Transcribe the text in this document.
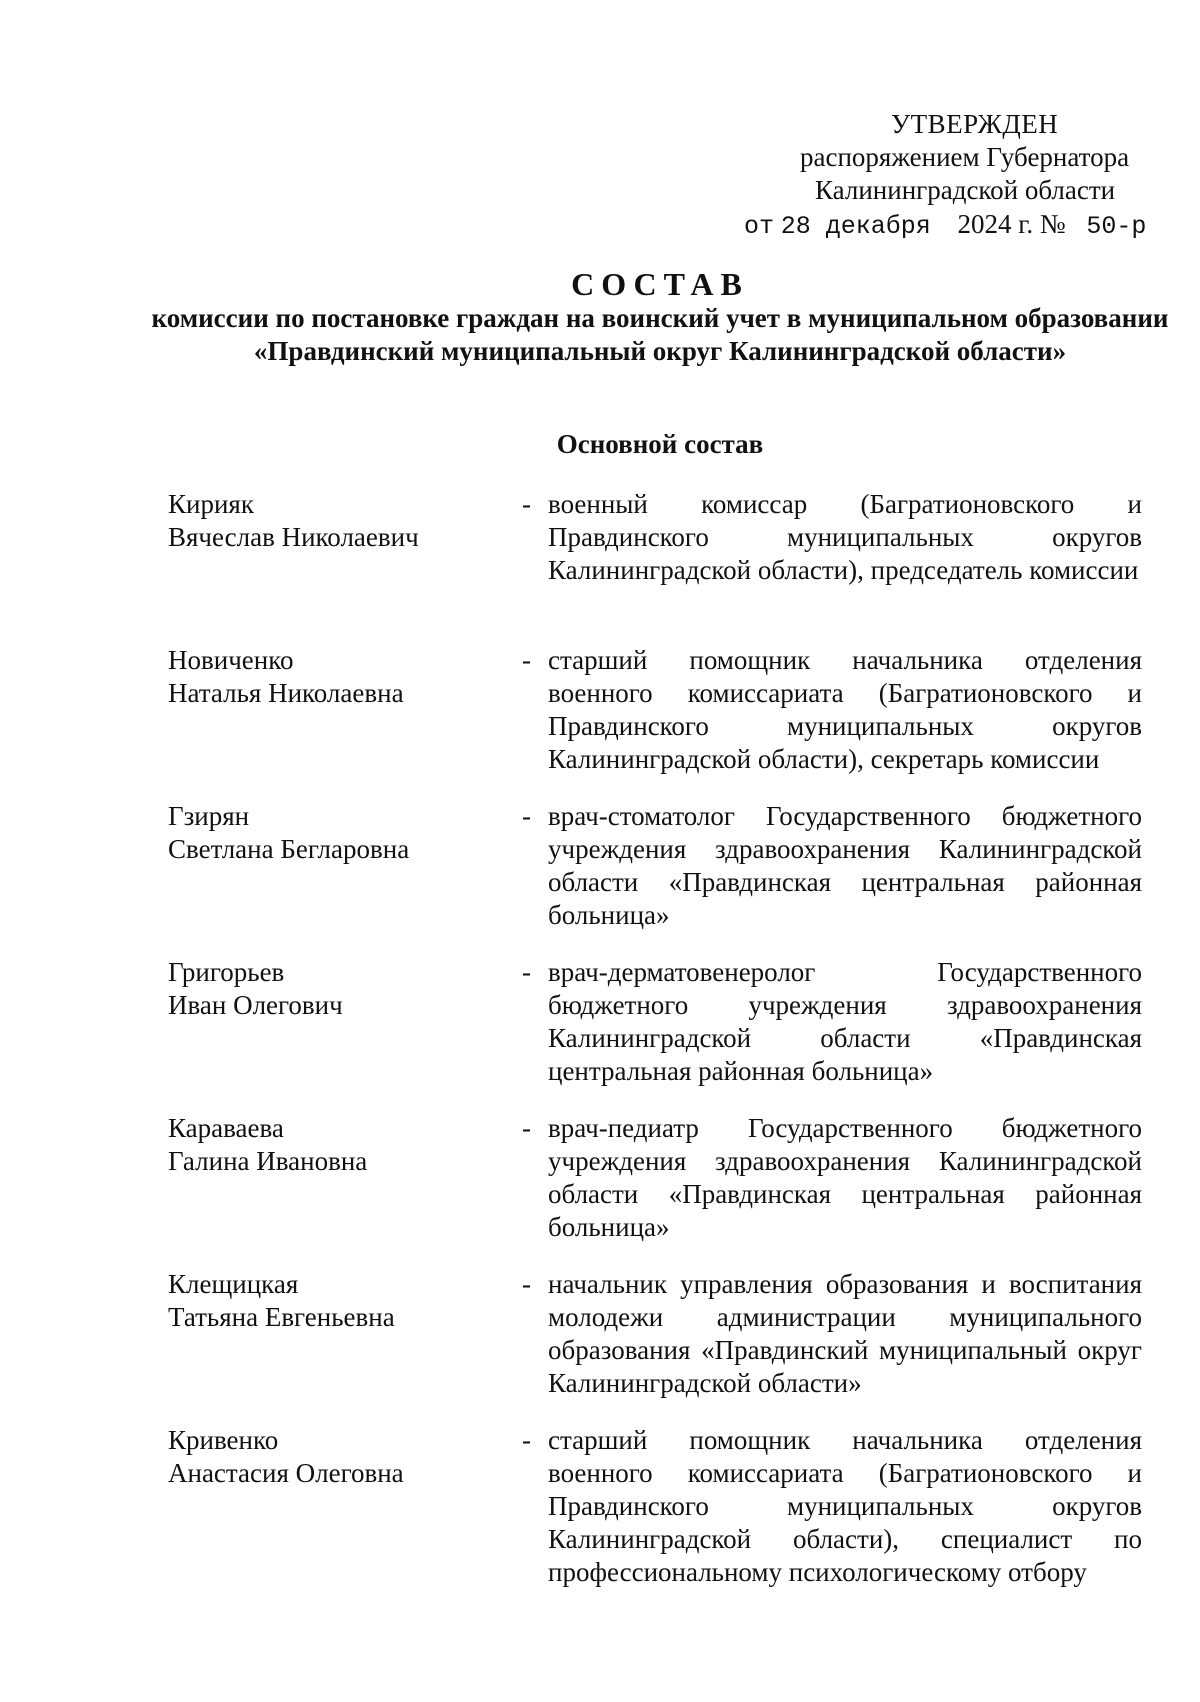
УТВЕРЖДЕН
распоряжением Губернатора
Калининградской области
от 28 декабря 2024 г. № 50-р
СОСТАВ
комиссии по постановке граждан на воинский учет в муниципальном образовании «Правдинский муниципальный округ Калининградской области»
Основной состав
Кирияк
Вячеслав Николаевич
- военный комиссар (Багратионовского и Правдинского муниципальных округов Калининградской области), председатель комиссии
Новиченко
Наталья Николаевна
- старший помощник начальника отделения военного комиссариата (Багратионовского и Правдинского муниципальных округов Калининградской области), секретарь комиссии
Гзирян
Светлана Бегларовна
- врач-стоматолог Государственного бюджетного учреждения здравоохранения Калининградской области «Правдинская центральная районная больница»
Григорьев
Иван Олегович
- врач-дерматовенеролог Государственного бюджетного учреждения здравоохранения Калининградской области «Правдинская центральная районная больница»
Караваева
Галина Ивановна
- врач-педиатр Государственного бюджетного учреждения здравоохранения Калининградской области «Правдинская центральная районная больница»
Клещицкая
Татьяна Евгеньевна
- начальник управления образования и воспитания молодежи администрации муниципального образования «Правдинский муниципальный округ Калининградской области»
Кривенко
Анастасия Олеговна
- старший помощник начальника отделения военного комиссариата (Багратионовского и Правдинского муниципальных округов Калининградской области), специалист по профессиональному психологическому отбору
